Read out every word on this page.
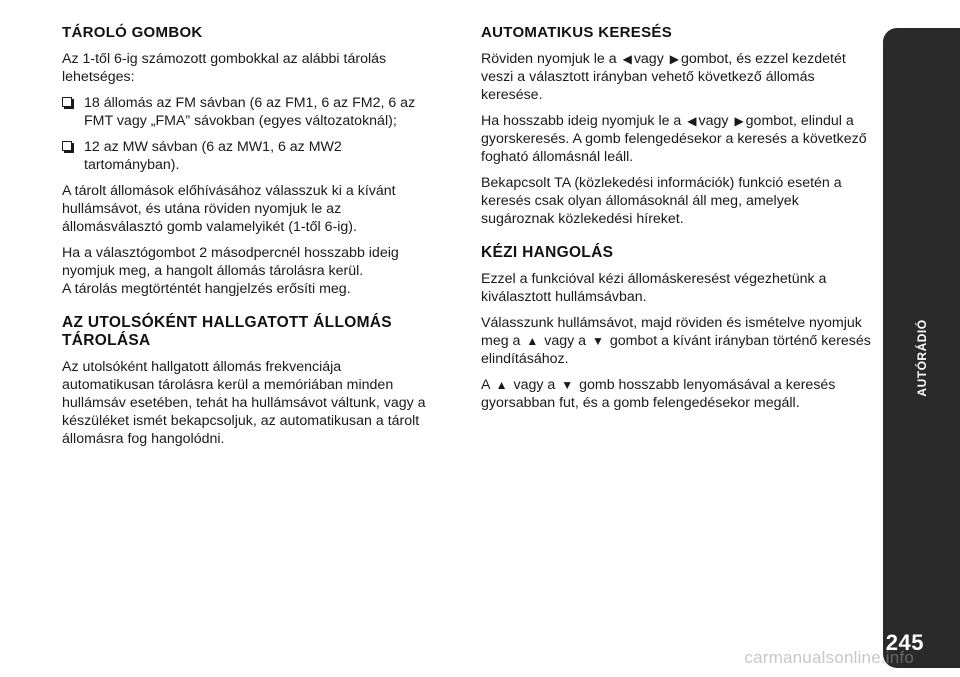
TÁROLÓ GOMBOK

Az 1-től 6-ig számozott gombokkal az alábbi tárolás lehetséges:

18 állomás az FM sávban (6 az FM1, 6 az FM2, 6 az FMT vagy „FMA” sávokban (egyes változatoknál);
12 az MW sávban (6 az MW1, 6 az MW2 tartományban).

A tárolt állomások előhívásához válasszuk ki a kívánt hullámsávot, és utána röviden nyomjuk le az állomásválasztó gomb valamelyikét (1-től 6-ig).

Ha a választógombot 2 másodpercnél hosszabb ideig nyomjuk meg, a hangolt állomás tárolásra kerül.
A tárolás megtörténtét hangjelzés erősíti meg.

AZ UTOLSÓKÉNT HALLGATOTT ÁLLOMÁS
TÁROLÁSA

Az utolsóként hallgatott állomás frekvenciája automatikusan tárolásra kerül a memóriában minden hullámsáv esetében, tehát ha hullámsávot váltunk, vagy a készüléket ismét bekapcsoljuk, az automatikusan a tárolt állomásra fog hangolódni.

AUTOMATIKUS KERESÉS

Röviden nyomjuk le a ◀ vagy ▶ gombot, és ezzel kezdetét veszi a választott irányban vehető következő állomás keresése.

Ha hosszabb ideig nyomjuk le a ◀ vagy ▶ gombot, elindul a gyorskeresés. A gomb felengedésekor a keresés a következő fogható állomásnál leáll.

Bekapcsolt TA (közlekedési információk) funkció esetén a keresés csak olyan állomásoknál áll meg, amelyek sugároznak közlekedési híreket.

KÉZI HANGOLÁS

Ezzel a funkcióval kézi állomáskeresést végezhetünk a kiválasztott hullámsávban.

Válasszunk hullámsávot, majd röviden és ismételve nyomjuk meg a ▲ vagy a ▼ gombot a kívánt irányban történő keresés elindításához.

A ▲ vagy a ▼ gomb hosszabb lenyomásával a keresés gyorsabban fut, és a gomb felengedésekor megáll.

AUTÓRÁDIÓ
245
carmanualsonline.info
